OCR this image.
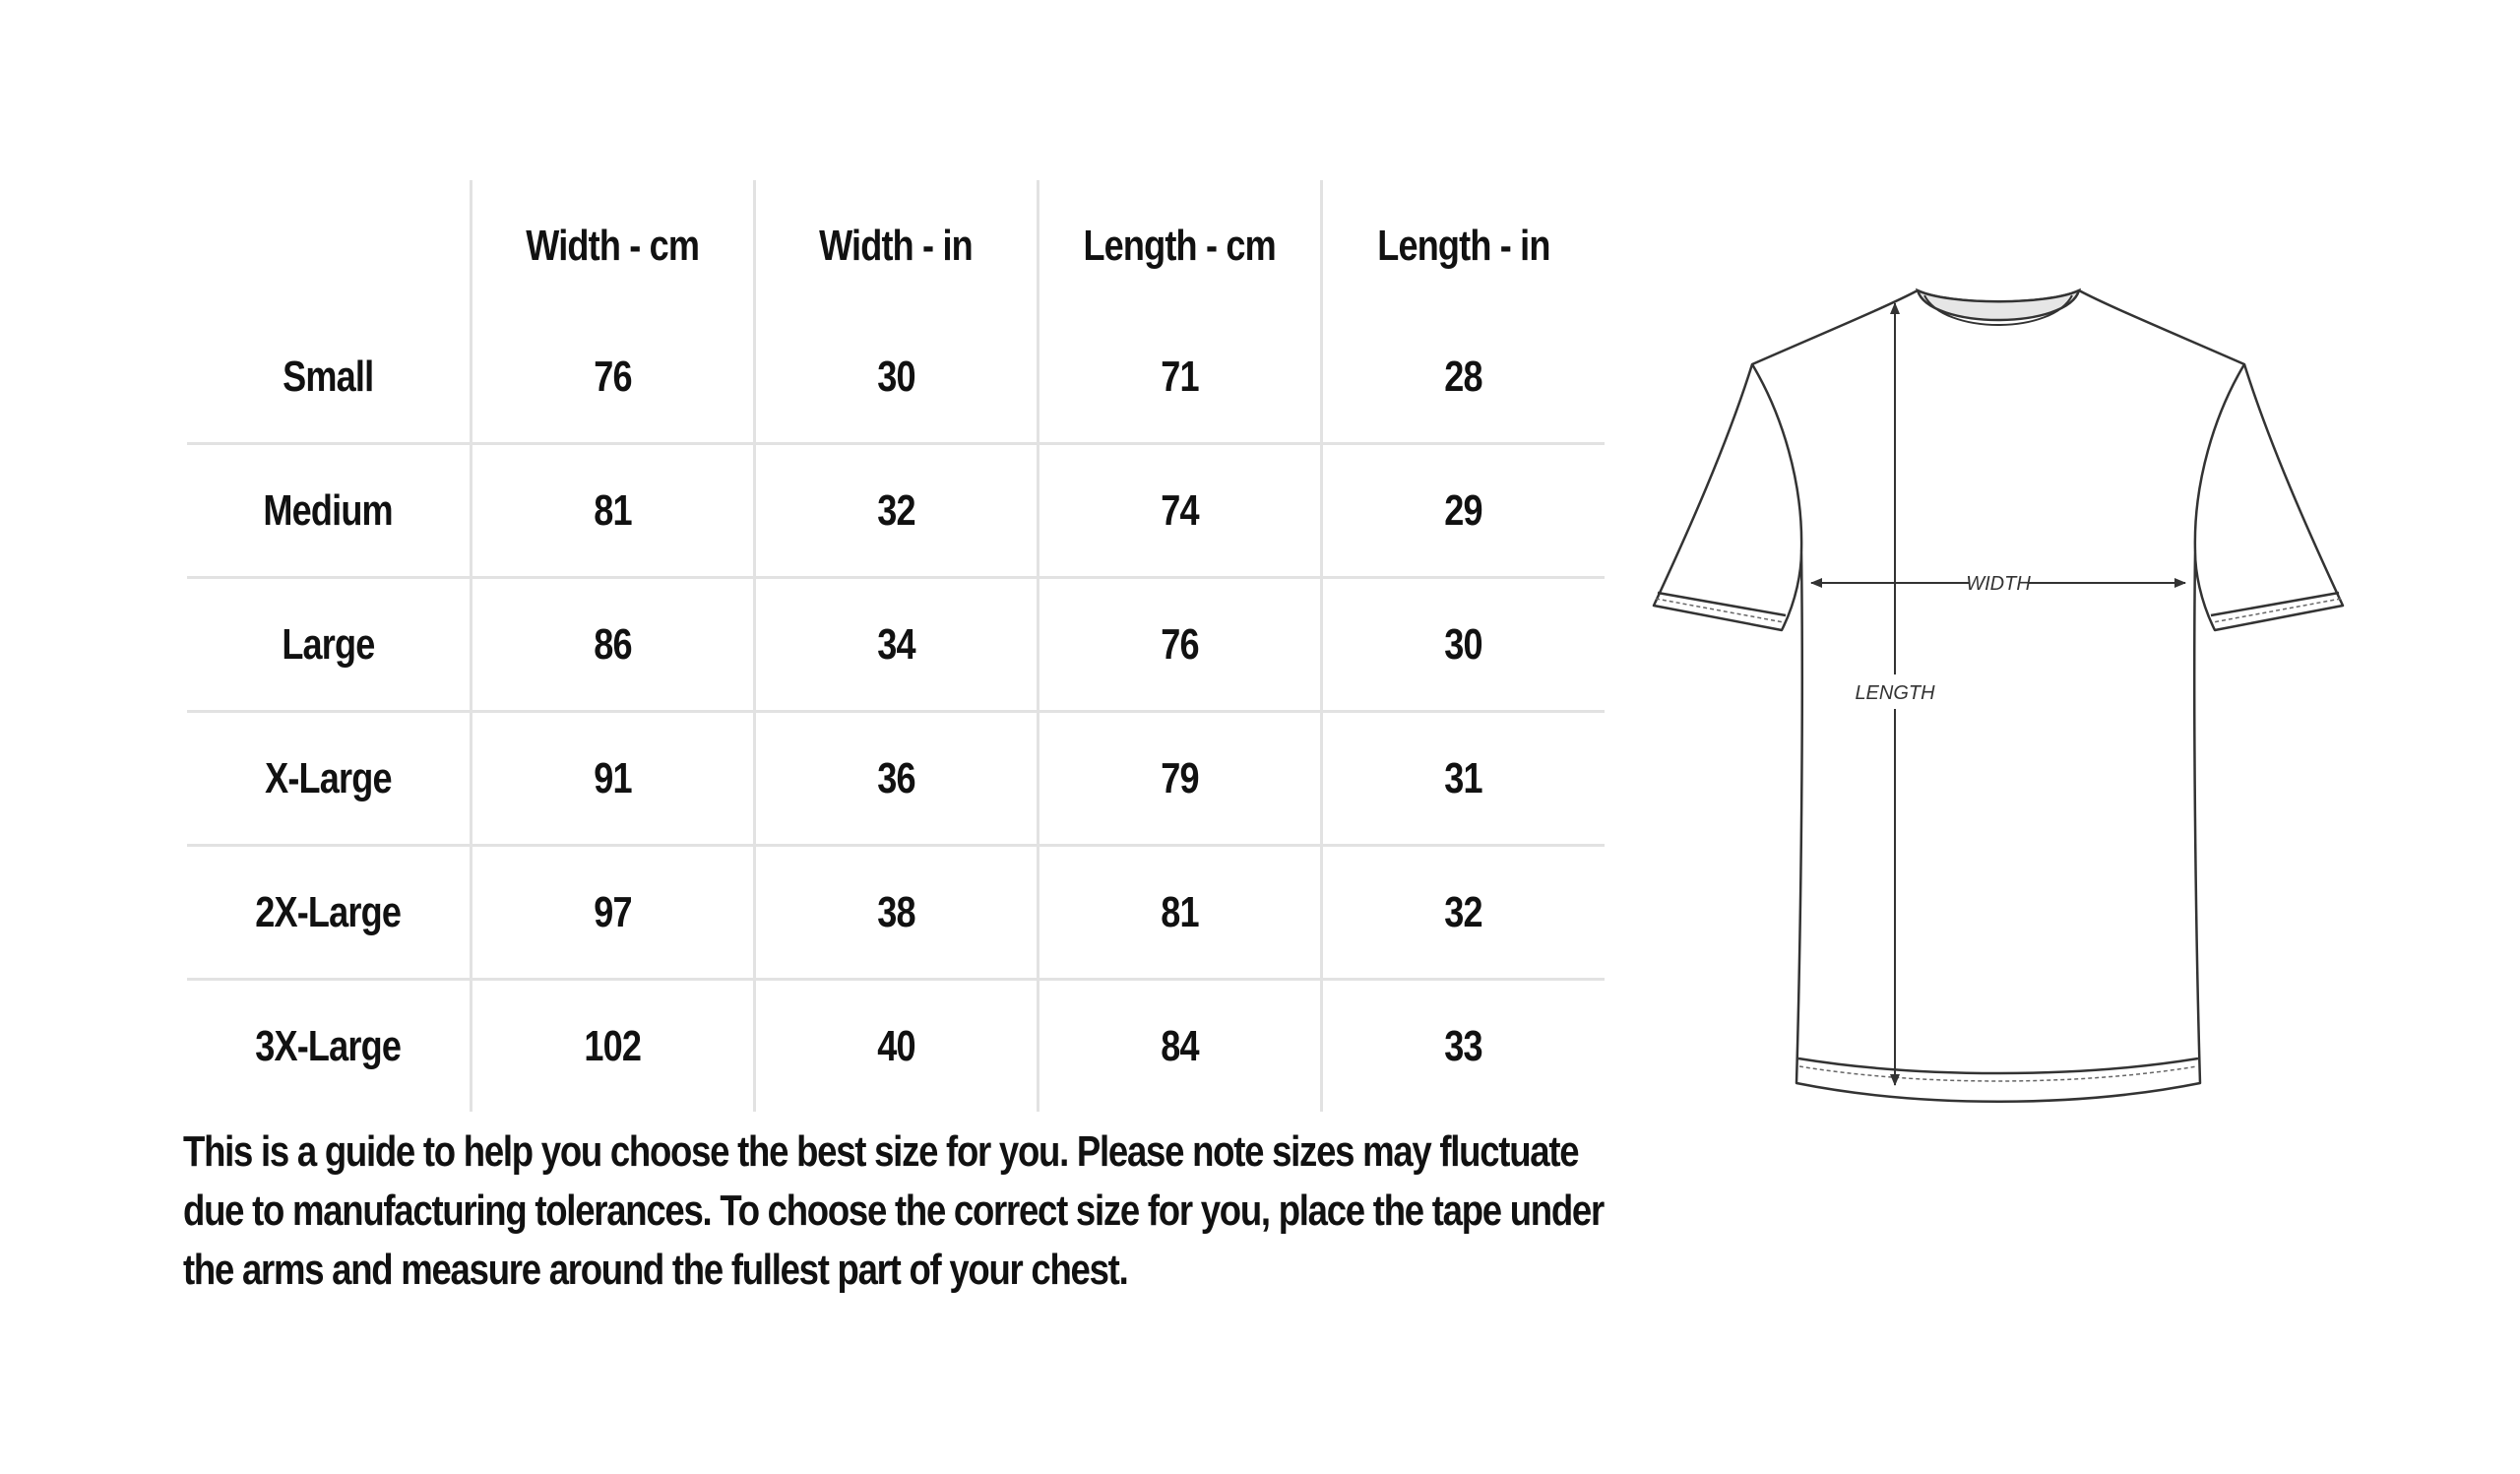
	Width - cm	Width - in	Length - cm	Length - in
Small	76	30	71	28
Medium	81	32	74	29
Large	86	34	76	30
X-Large	91	36	79	31
2X-Large	97	38	81	32
3X-Large	102	40	84	33

This is a guide to help you choose the best size for you. Please note sizes may fluctuate due to manufacturing tolerances. To choose the correct size for you, place the tape under the arms and measure around the fullest part of your chest.

WIDTH
LENGTH
